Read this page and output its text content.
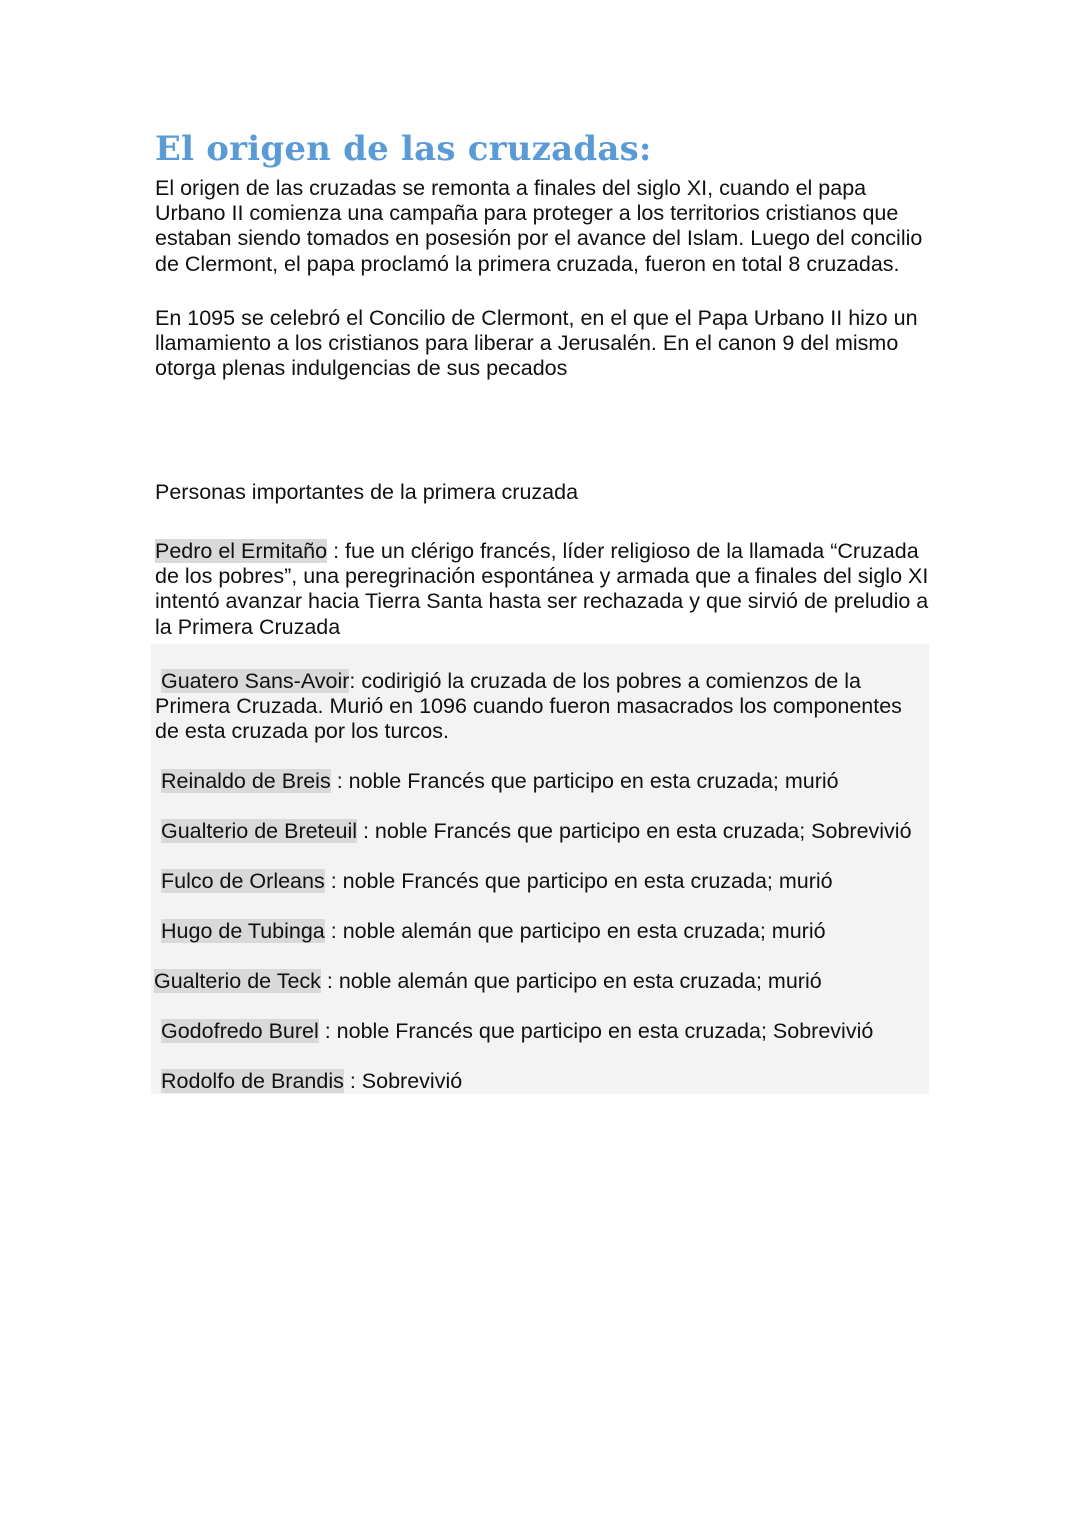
El origen de las cruzadas:

El origen de las cruzadas se remonta a finales del siglo XI, cuando el papa Urbano II comienza una campaña para proteger a los territorios cristianos que estaban siendo tomados en posesión por el avance del Islam. Luego del concilio de Clermont, el papa proclamó la primera cruzada, fueron en total 8 cruzadas.

En 1095 se celebró el Concilio de Clermont, en el que el Papa Urbano II hizo un llamamiento a los cristianos para liberar a Jerusalén. En el canon 9 del mismo otorga plenas indulgencias de sus pecados

Personas importantes de la primera cruzada

Pedro el Ermitaño : fue un clérigo francés, líder religioso de la llamada “Cruzada de los pobres”, una peregrinación espontánea y armada que a finales del siglo XI intentó avanzar hacia Tierra Santa hasta ser rechazada y que sirvió de preludio a la Primera Cruzada

Guatero Sans-Avoir: codirigió la cruzada de los pobres a comienzos de la Primera Cruzada. Murió en 1096 cuando fueron masacrados los componentes de esta cruzada por los turcos.

Reinaldo de Breis : noble Francés que participo en esta cruzada; murió

Gualterio de Breteuil : noble Francés que participo en esta cruzada; Sobrevivió

Fulco de Orleans : noble Francés que participo en esta cruzada; murió

Hugo de Tubinga : noble alemán que participo en esta cruzada; murió

Gualterio de Teck : noble alemán que participo en esta cruzada; murió

Godofredo Burel : noble Francés que participo en esta cruzada; Sobrevivió

Rodolfo de Brandis : Sobrevivió
